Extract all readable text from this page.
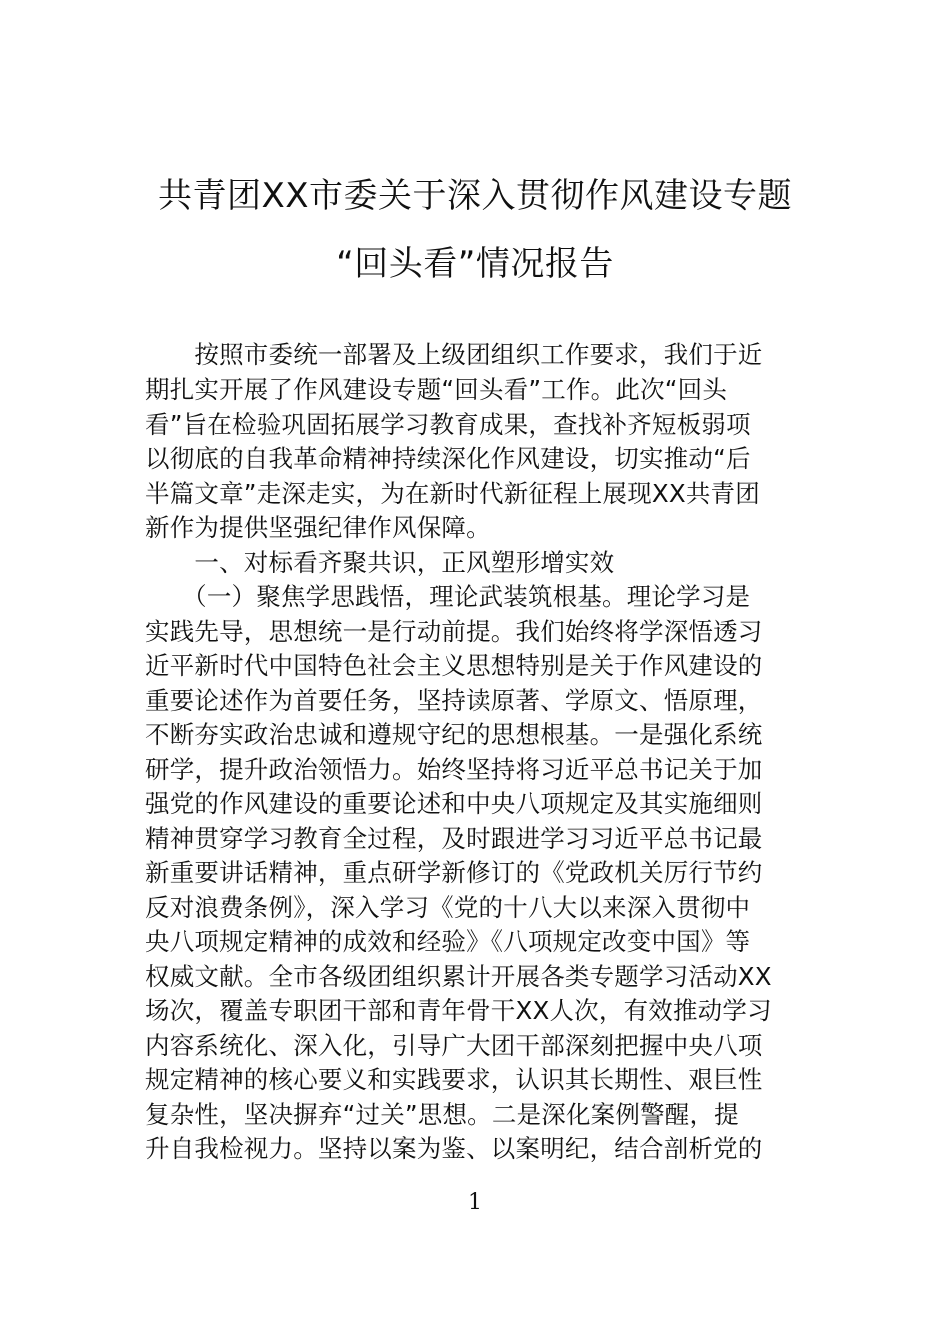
共青团XX市委关于深入贯彻作风建设专题
“回头看”情况报告
　　按照市委统一部署及上级团组织工作要求，我们于近
期扎实开展了作风建设专题“回头看”工作。此次“回头
看”旨在检验巩固拓展学习教育成果，查找补齐短板弱项
以彻底的自我革命精神持续深化作风建设，切实推动“后
半篇文章”走深走实，为在新时代新征程上展现XX共青团
新作为提供坚强纪律作风保障。
　　一、对标看齐聚共识，正风塑形增实效
　　（一）聚焦学思践悟，理论武装筑根基。理论学习是
实践先导，思想统一是行动前提。我们始终将学深悟透习
近平新时代中国特色社会主义思想特别是关于作风建设的
重要论述作为首要任务，坚持读原著、学原文、悟原理，
不断夯实政治忠诚和遵规守纪的思想根基。一是强化系统
研学，提升政治领悟力。始终坚持将习近平总书记关于加
强党的作风建设的重要论述和中央八项规定及其实施细则
精神贯穿学习教育全过程，及时跟进学习习近平总书记最
新重要讲话精神，重点研学新修订的《党政机关厉行节约
反对浪费条例》，深入学习《党的十八大以来深入贯彻中
央八项规定精神的成效和经验》《八项规定改变中国》等
权威文献。全市各级团组织累计开展各类专题学习活动XX
场次，覆盖专职团干部和青年骨干XX人次，有效推动学习
内容系统化、深入化，引导广大团干部深刻把握中央八项
规定精神的核心要义和实践要求，认识其长期性、艰巨性
复杂性，坚决摒弃“过关”思想。二是深化案例警醒，提
升自我检视力。坚持以案为鉴、以案明纪，结合剖析党的
1
